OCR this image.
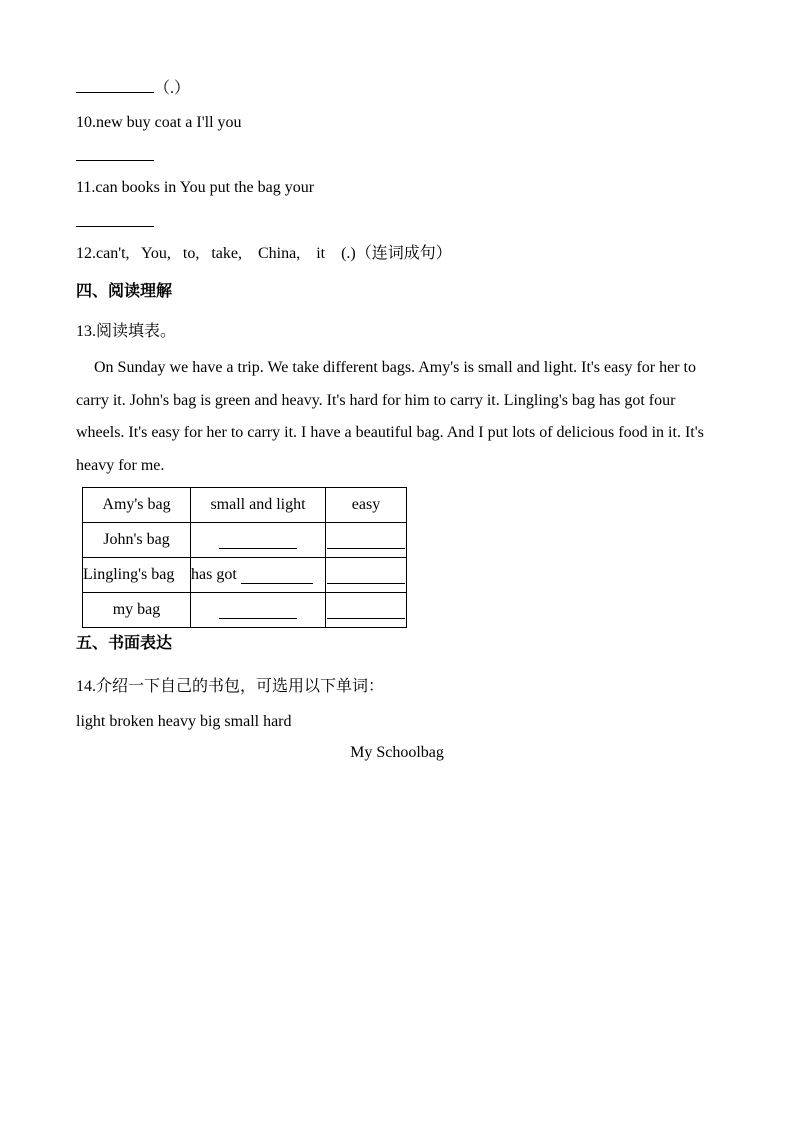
（.）
10.new buy coat a I'll you
11.can books in You put the bag your
12.can't,   You,   to,   take,    China,    it    (.)（连词成句）
四、阅读理解
13.阅读填表。
On Sunday we have a trip. We take different bags. Amy's is small and light. It's easy for her to carry it. John's bag is green and heavy. It's hard for him to carry it. Lingling's bag has got four wheels. It's easy for her to carry it. I have a beautiful bag. And I put lots of delicious food in it. It's heavy for me.
Amy's bag	small and light	easy
John's bag		
Lingling's bag	has got	
my bag		
五、书面表达
14.介绍一下自己的书包，可选用以下单词：
light broken heavy big small hard
My Schoolbag
